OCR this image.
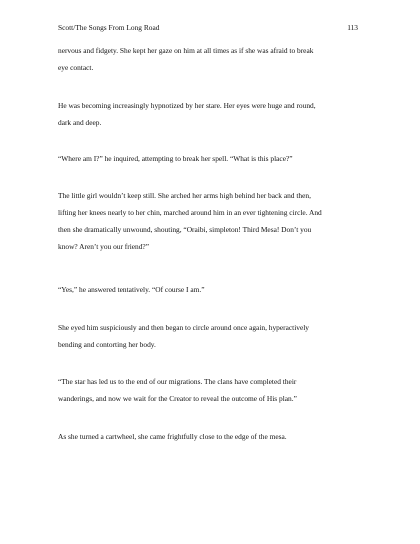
Scott/The Songs From Long Road	113

nervous and fidgety. She kept her gaze on him at all times as if she was afraid to break
eye contact.

He was becoming increasingly hypnotized by her stare. Her eyes were huge and round,
dark and deep.

“Where am I?” he inquired, attempting to break her spell. “What is this place?”

The little girl wouldn’t keep still. She arched her arms high behind her back and then,
lifting her knees nearly to her chin, marched around him in an ever tightening circle. And
then she dramatically unwound, shouting, “Oraibi, simpleton! Third Mesa! Don’t you
know? Aren’t you our friend?”

“Yes,” he answered tentatively. “Of course I am.”

She eyed him suspiciously and then began to circle around once again, hyperactively
bending and contorting her body.

“The star has led us to the end of our migrations. The clans have completed their
wanderings, and now we wait for the Creator to reveal the outcome of His plan.”

As she turned a cartwheel, she came frightfully close to the edge of the mesa.
